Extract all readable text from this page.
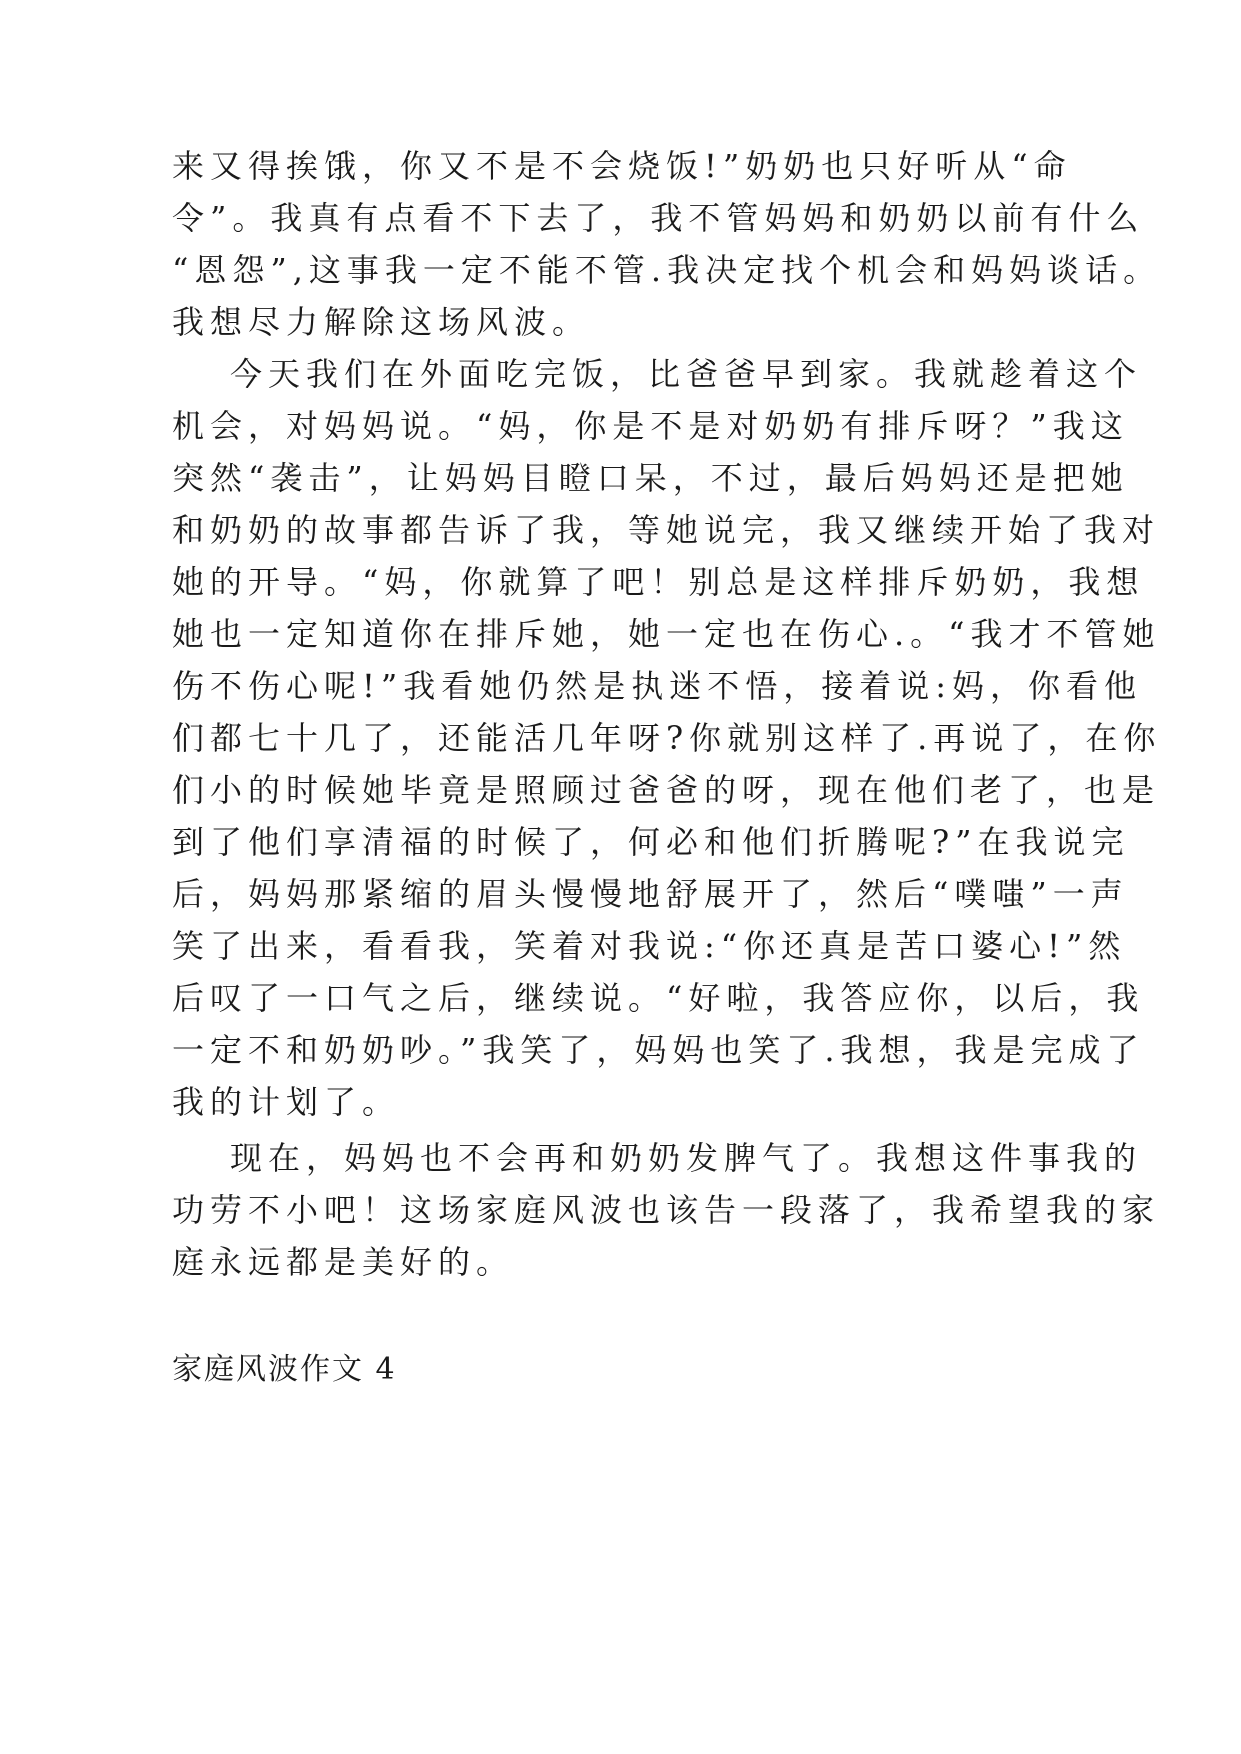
来又得挨饿，你又不是不会烧饭!”奶奶也只好听从“命
令”。我真有点看不下去了，我不管妈妈和奶奶以前有什么
“恩怨”,这事我一定不能不管.我决定找个机会和妈妈谈话。
我想尽力解除这场风波。
今天我们在外面吃完饭，比爸爸早到家。我就趁着这个
机会，对妈妈说。“妈，你是不是对奶奶有排斥呀？”我这
突然“袭击”，让妈妈目瞪口呆，不过，最后妈妈还是把她
和奶奶的故事都告诉了我，等她说完，我又继续开始了我对
她的开导。“妈，你就算了吧！别总是这样排斥奶奶，我想
她也一定知道你在排斥她，她一定也在伤心.。“我才不管她
伤不伤心呢!”我看她仍然是执迷不悟，接着说:妈，你看他
们都七十几了，还能活几年呀?你就别这样了.再说了，在你
们小的时候她毕竟是照顾过爸爸的呀，现在他们老了，也是
到了他们享清福的时候了，何必和他们折腾呢?”在我说完
后，妈妈那紧缩的眉头慢慢地舒展开了，然后“噗嗤”一声
笑了出来，看看我，笑着对我说:“你还真是苦口婆心!”然
后叹了一口气之后，继续说。“好啦，我答应你，以后，我
一定不和奶奶吵。”我笑了，妈妈也笑了.我想，我是完成了
我的计划了。
现在，妈妈也不会再和奶奶发脾气了。我想这件事我的
功劳不小吧！这场家庭风波也该告一段落了，我希望我的家
庭永远都是美好的。
家庭风波作文 4
